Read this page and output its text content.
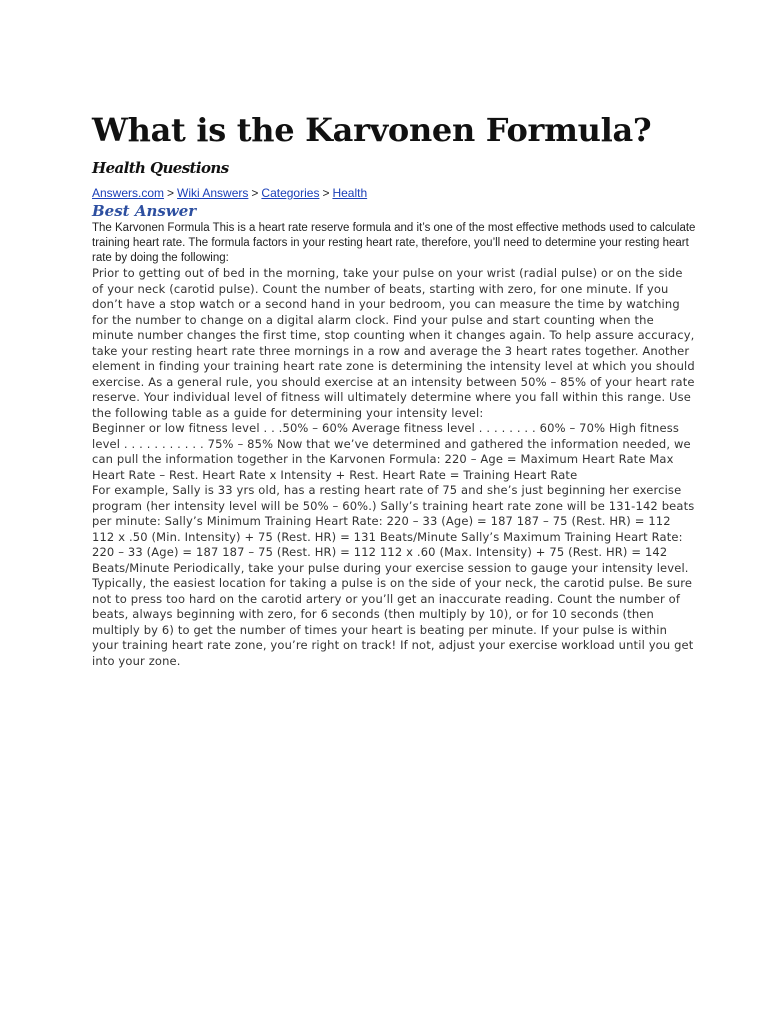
What is the Karvonen Formula?
Health Questions
Answers.com > Wiki Answers > Categories > Health
Best Answer

The Karvonen Formula This is a heart rate reserve formula and it’s one of the most effective methods used to calculate training heart rate. The formula factors in your resting heart rate, therefore, you’ll need to determine your resting heart rate by doing the following:

Prior to getting out of bed in the morning, take your pulse on your wrist (radial pulse) or on the side of your neck (carotid pulse). Count the number of beats, starting with zero, for one minute. If you don’t have a stop watch or a second hand in your bedroom, you can measure the time by watching for the number to change on a digital alarm clock. Find your pulse and start counting when the minute number changes the first time, stop counting when it changes again. To help assure accuracy, take your resting heart rate three mornings in a row and average the 3 heart rates together. Another element in finding your training heart rate zone is determining the intensity level at which you should exercise. As a general rule, you should exercise at an intensity between 50% – 85% of your heart rate reserve. Your individual level of fitness will ultimately determine where you fall within this range. Use the following table as a guide for determining your intensity level:

Beginner or low fitness level . . .50% – 60% Average fitness level . . . . . . . . 60% – 70% High fitness level . . . . . . . . . . . 75% – 85% Now that we’ve determined and gathered the information needed, we can pull the information together in the Karvonen Formula: 220 – Age = Maximum Heart Rate Max Heart Rate – Rest. Heart Rate x Intensity + Rest. Heart Rate = Training Heart Rate

For example, Sally is 33 yrs old, has a resting heart rate of 75 and she’s just beginning her exercise program (her intensity level will be 50% – 60%.) Sally’s training heart rate zone will be 131-142 beats per minute: Sally’s Minimum Training Heart Rate: 220 – 33 (Age) = 187 187 – 75 (Rest. HR) = 112 112 x .50 (Min. Intensity) + 75 (Rest. HR) = 131 Beats/Minute Sally’s Maximum Training Heart Rate: 220 – 33 (Age) = 187 187 – 75 (Rest. HR) = 112 112 x .60 (Max. Intensity) + 75 (Rest. HR) = 142 Beats/Minute Periodically, take your pulse during your exercise session to gauge your intensity level. Typically, the easiest location for taking a pulse is on the side of your neck, the carotid pulse. Be sure not to press too hard on the carotid artery or you’ll get an inaccurate reading. Count the number of beats, always beginning with zero, for 6 seconds (then multiply by 10), or for 10 seconds (then multiply by 6) to get the number of times your heart is beating per minute. If your pulse is within your training heart rate zone, you’re right on track! If not, adjust your exercise workload until you get into your zone.
